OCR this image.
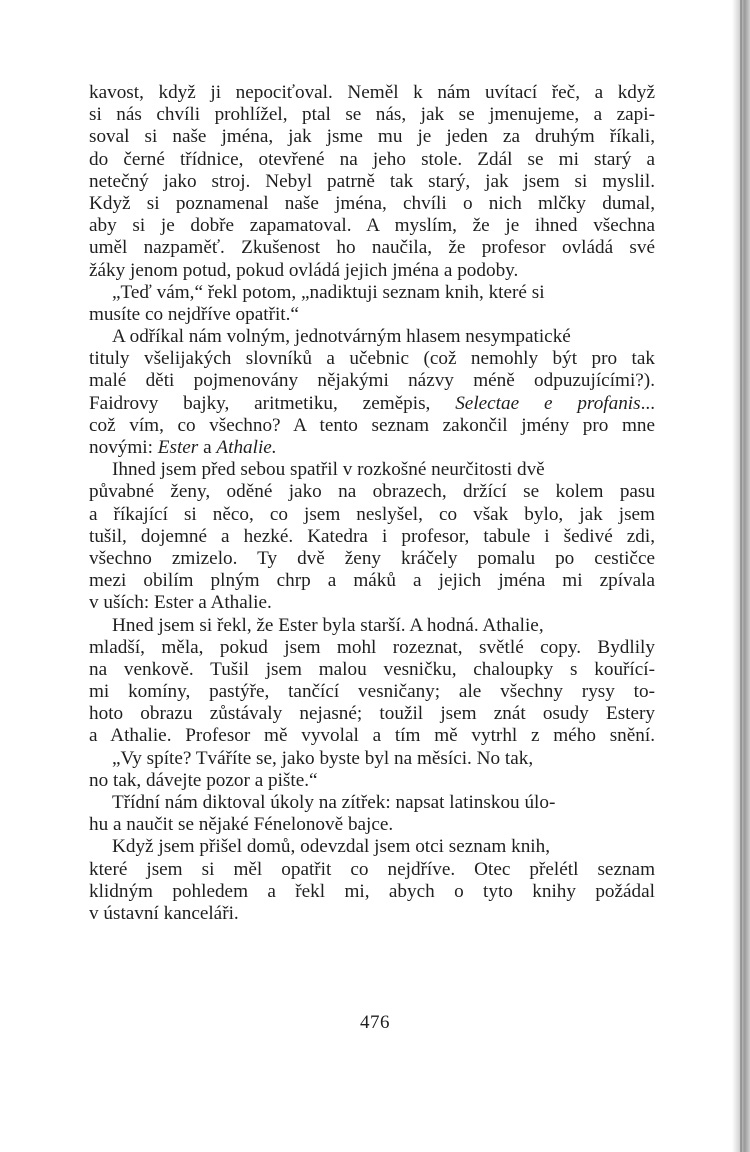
kavost, když ji nepociťoval. Neměl k nám uvítací řeč, a když
si nás chvíli prohlížel, ptal se nás, jak se jmenujeme, a zapi-
soval si naše jména, jak jsme mu je jeden za druhým říkali,
do černé třídnice, otevřené na jeho stole. Zdál se mi starý a
netečný jako stroj. Nebyl patrně tak starý, jak jsem si myslil.
Když si poznamenal naše jména, chvíli o nich mlčky dumal,
aby si je dobře zapamatoval. A myslím, že je ihned všechna
uměl nazpaměť. Zkušenost ho naučila, že profesor ovládá své
žáky jenom potud, pokud ovládá jejich jména a podoby.
„Teď vám,“ řekl potom, „nadiktuji seznam knih, které si
musíte co nejdříve opatřit.“
A odříkal nám volným, jednotvárným hlasem nesympatické
tituly všelijakých slovníků a učebnic (což nemohly být pro tak
malé děti pojmenovány nějakými názvy méně odpuzujícími?).
Faidrovy bajky, aritmetiku, zeměpis, Selectae e profanis...
což vím, co všechno? A tento seznam zakončil jmény pro mne
novými: Ester a Athalie.
Ihned jsem před sebou spatřil v rozkošné neurčitosti dvě
půvabné ženy, oděné jako na obrazech, držící se kolem pasu
a říkající si něco, co jsem neslyšel, co však bylo, jak jsem
tušil, dojemné a hezké. Katedra i profesor, tabule i šedivé zdi,
všechno zmizelo. Ty dvě ženy kráčely pomalu po cestičce
mezi obilím plným chrp a máků a jejich jména mi zpívala
v uších: Ester a Athalie.
Hned jsem si řekl, že Ester byla starší. A hodná. Athalie,
mladší, měla, pokud jsem mohl rozeznat, světlé copy. Bydlily
na venkově. Tušil jsem malou vesničku, chaloupky s kouřící-
mi komíny, pastýře, tančící vesničany; ale všechny rysy to-
hoto obrazu zůstávaly nejasné; toužil jsem znát osudy Estery
a Athalie. Profesor mě vyvolal a tím mě vytrhl z mého snění.
„Vy spíte? Tváříte se, jako byste byl na měsíci. No tak,
no tak, dávejte pozor a pište.“
Třídní nám diktoval úkoly na zítřek: napsat latinskou úlo-
hu a naučit se nějaké Fénelonově bajce.
Když jsem přišel domů, odevzdal jsem otci seznam knih,
které jsem si měl opatřit co nejdříve. Otec přelétl seznam
klidným pohledem a řekl mi, abych o tyto knihy požádal
v ústavní kanceláři.
476
